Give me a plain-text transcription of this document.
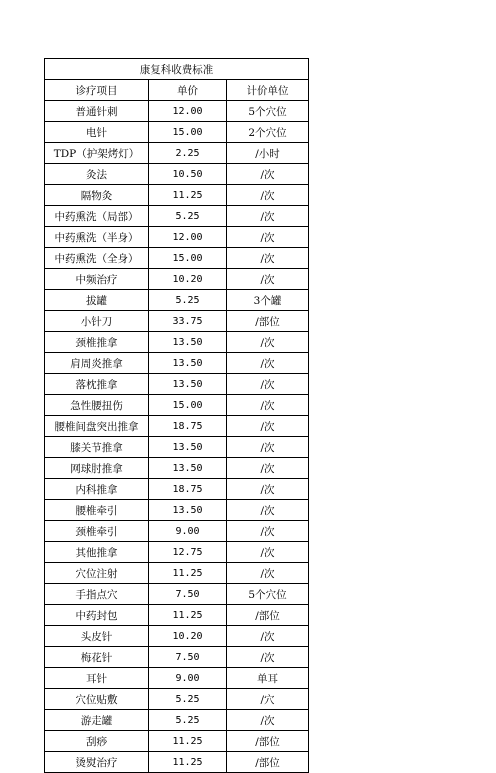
康复科收费标准		
诊疗项目	单价	计价单位
普通针刺	12.00	5个穴位
电针	15.00	2个穴位
TDP（护架烤灯）	2.25	/小时
灸法	10.50	/次
隔物灸	11.25	/次
中药熏洗（局部）	5.25	/次
中药熏洗（半身）	12.00	/次
中药熏洗（全身）	15.00	/次
中频治疗	10.20	/次
拔罐	5.25	3个罐
小针刀	33.75	/部位
颈椎推拿	13.50	/次
肩周炎推拿	13.50	/次
落枕推拿	13.50	/次
急性腰扭伤	15.00	/次
腰椎间盘突出推拿	18.75	/次
膝关节推拿	13.50	/次
网球肘推拿	13.50	/次
内科推拿	18.75	/次
腰椎牵引	13.50	/次
颈椎牵引	9.00	/次
其他推拿	12.75	/次
穴位注射	11.25	/次
手指点穴	7.50	5个穴位
中药封包	11.25	/部位
头皮针	10.20	/次
梅花针	7.50	/次
耳针	9.00	单耳
穴位贴敷	5.25	/穴
游走罐	5.25	/次
刮痧	11.25	/部位
烫熨治疗	11.25	/部位
